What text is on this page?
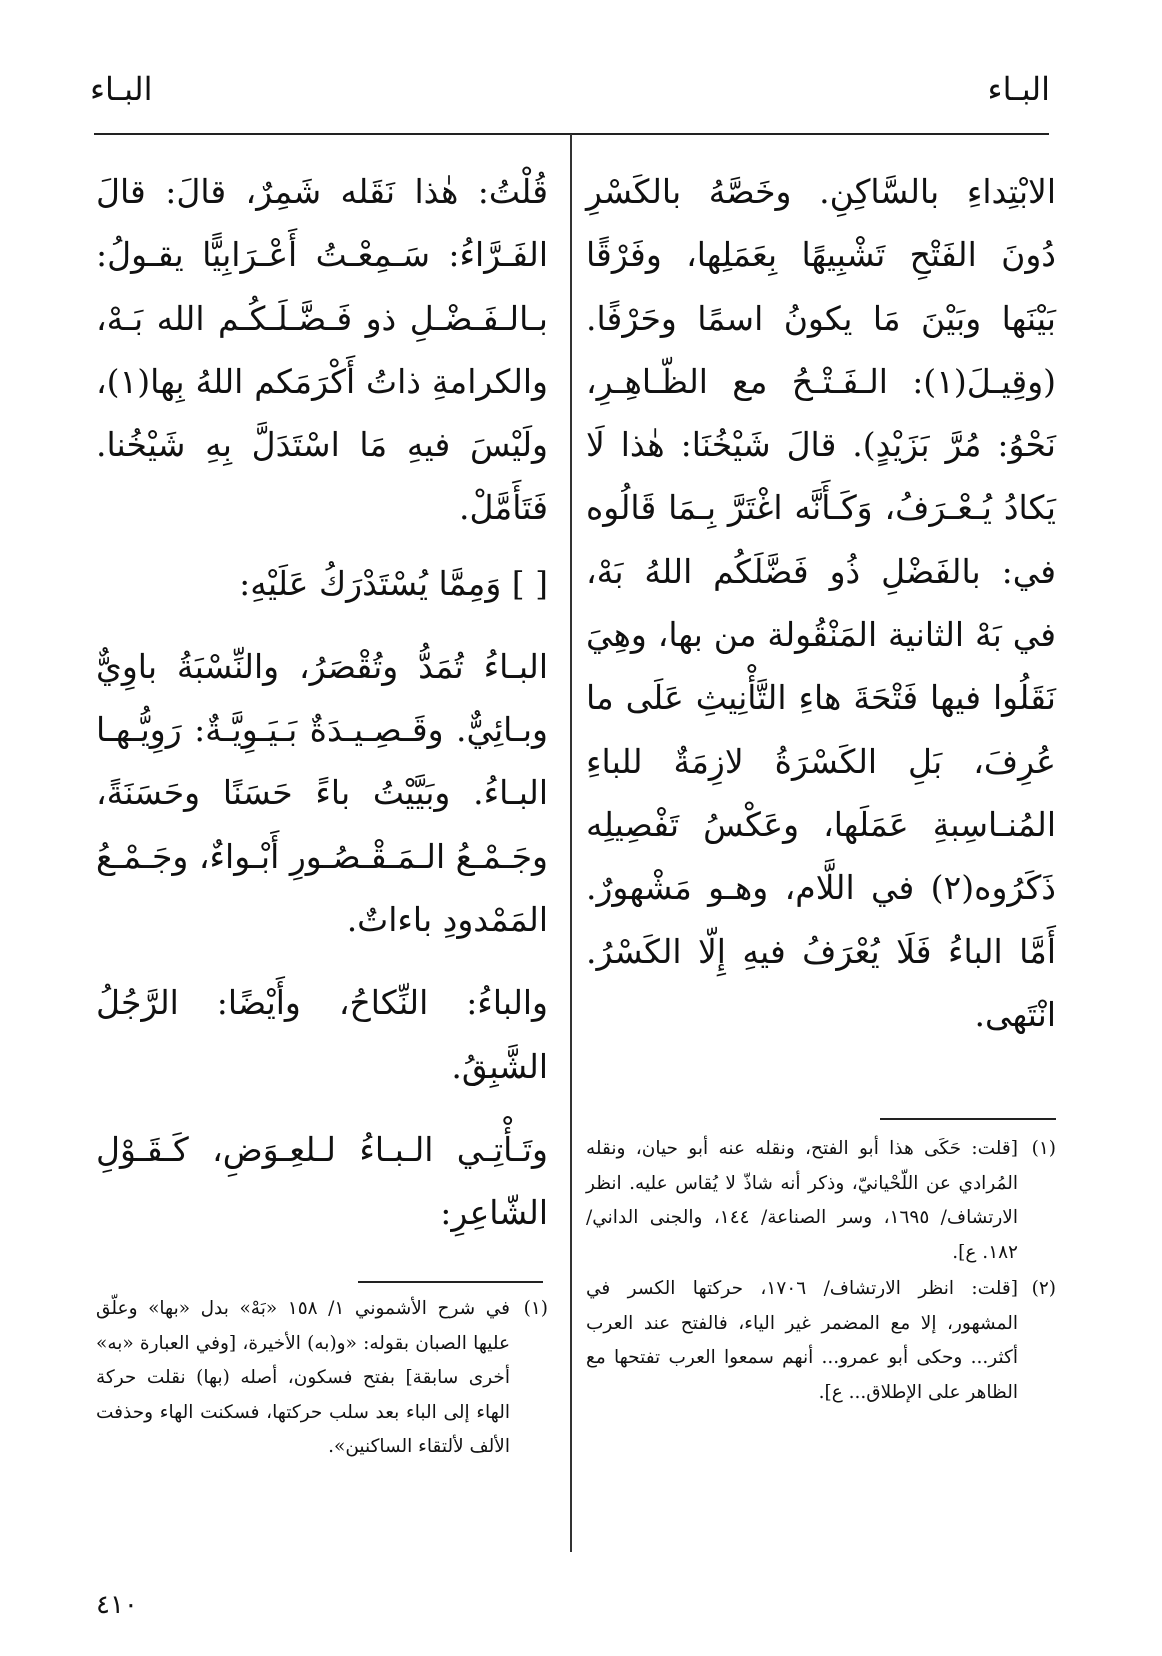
البـاء
البـاء

الابْتِداءِ بالسَّاكِنِ. وخَصَّهُ بالكَسْرِ دُونَ الفَتْحِ تَشْبِيهًا بِعَمَلِها، وفَرْقًا بَيْنَها وبَيْنَ مَا يكونُ اسمًا وحَرْفًا. (وقِيـلَ(١): الـفَـتْـحُ مع الظّـاهِـرِ، نَحْوُ: مُرَّ بَزَيْدٍ). قالَ شَيْخُنَا: هٰذا لَا يَكادُ يُـعْـرَفُ، وَكَـأَنَّه اغْتَرَّ بِـمَا قَالُوه في: بالفَضْلِ ذُو فَضَّلَكُم اللهُ بَهْ، في بَهْ الثانية المَنْقُولة من بها، وهِيَ نَقَلُوا فيها فَتْحَةَ هاءِ التَّأْنِيثِ عَلَى ما عُرِفَ، بَلِ الكَسْرَةُ لازِمَةٌ للباءِ المُنـاسِبةِ عَمَلَها، وعَكْسُ تَفْصِيلِه ذَكَرُوه(٢) في اللَّام، وهـو مَشْهورٌ. أَمَّا الباءُ فَلَا يُعْرَفُ فيهِ إِلّا الكَسْرُ. انْتَهى.

قُلْتُ: هٰذا نَقَله شَمِرٌ، قالَ: قالَ الفَـرَّاءُ: سَـمِعْـتُ أَعْـرَابِيًّا يقـولُ: بـالـفَـضْـلِ ذو فَـضَّـلَـكُـم الله بَـهْ، والكرامةِ ذاتُ أَكْرَمَكم اللهُ بِها(١)، ولَيْسَ فيهِ مَا اسْتَدَلَّ بِهِ شَيْخُنا. فَتَأَمَّلْ.

[ ] وَمِمَّا يُسْتَدْرَكُ عَلَيْهِ:

البـاءُ تُمَدُّ وتُقْصَرُ، والنِّسْبَةُ باوِيٌّ وبـائِيٌّ. وقَـصِـيـدَةٌ بَـيَـوِيَّـةٌ: رَوِيُّـهـا البـاءُ. وبَيَّيْتُ باءً حَسَنًا وحَسَنَةً، وجَـمْـعُ الـمَـقْـصُـورِ أَبْـواءٌ، وجَـمْـعُ المَمْدودِ باءاتٌ.

والباءُ: النِّكاحُ، وأَيْضًا: الرَّجُلُ الشَّبِقُ.

وتَـأْتِـي الـبـاءُ لـلعِـوَضِ، كَـقَـوْلِ الشّاعِرِ:

(١)
[قلت: حَكَى هذا أبو الفتح، ونقله عنه أبو حيان، ونقله المُرادي عن اللّحْيانيّ، وذكر أنه شاذّ لا يُقاس عليه. انظر الارتشاف/ ١٦٩٥، وسر الصناعة/ ١٤٤، والجنى الداني/ ١٨٢. ع].
(٢)
[قلت: انظر الارتشاف/ ١٧٠٦، حركتها الكسر في المشهور، إلا مع المضمر غير الياء، فالفتح عند العرب أكثر... وحكى أبو عمرو... أنهم سمعوا العرب تفتحها مع الظاهر على الإطلاق... ع].
(١)
في شرح الأشموني ١/ ١٥٨ «بَهْ» بدل «بها» وعلّق عليها الصبان بقوله: «و(به) الأخيرة، [وفي العبارة «به» أخرى سابقة] بفتح فسكون، أصله (بها) نقلت حركة الهاء إلى الباء بعد سلب حركتها، فسكنت الهاء وحذفت الألف لألتقاء الساكنين».
٤١٠
